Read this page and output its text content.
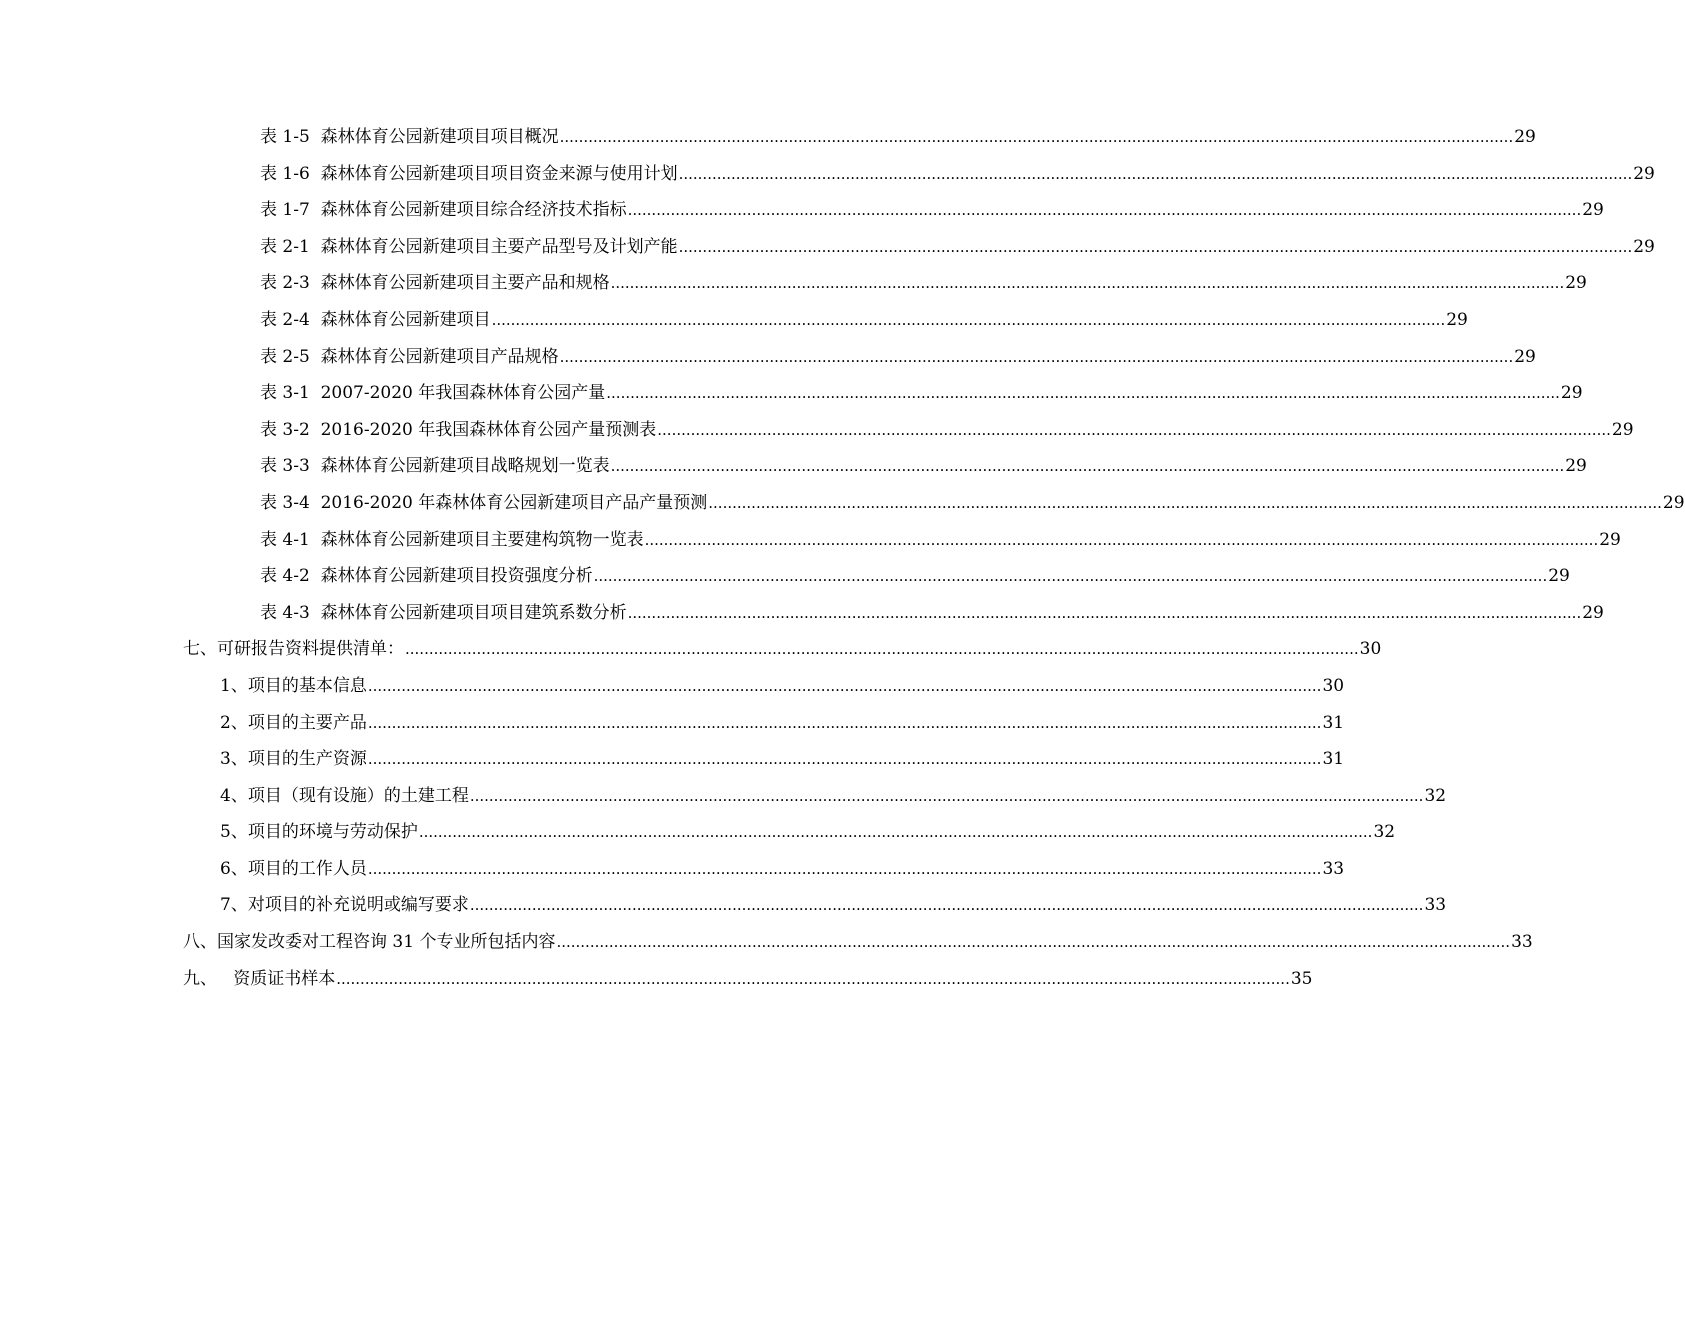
表 1-5  森林体育公园新建项目项目概况 ........................................................................................................................................................................................................ 29
表 1-6  森林体育公园新建项目项目资金来源与使用计划 ........................................................................................................................................................................................................ 29
表 1-7  森林体育公园新建项目综合经济技术指标 ........................................................................................................................................................................................................ 29
表 2-1  森林体育公园新建项目主要产品型号及计划产能 ........................................................................................................................................................................................................ 29
表 2-3  森林体育公园新建项目主要产品和规格 ........................................................................................................................................................................................................ 29
表 2-4  森林体育公园新建项目 ........................................................................................................................................................................................................ 29
表 2-5  森林体育公园新建项目产品规格 ........................................................................................................................................................................................................ 29
表 3-1  2007-2020 年我国森林体育公园产量 ........................................................................................................................................................................................................ 29
表 3-2  2016-2020 年我国森林体育公园产量预测表 ........................................................................................................................................................................................................ 29
表 3-3  森林体育公园新建项目战略规划一览表 ........................................................................................................................................................................................................ 29
表 3-4  2016-2020 年森林体育公园新建项目产品产量预测 ........................................................................................................................................................................................................ 29
表 4-1  森林体育公园新建项目主要建构筑物一览表 ........................................................................................................................................................................................................ 29
表 4-2  森林体育公园新建项目投资强度分析 ........................................................................................................................................................................................................ 29
表 4-3  森林体育公园新建项目项目建筑系数分析 ........................................................................................................................................................................................................ 29
七、可研报告资料提供清单： ........................................................................................................................................................................................................ 30
1、项目的基本信息 ........................................................................................................................................................................................................ 30
2、项目的主要产品 ........................................................................................................................................................................................................ 31
3、项目的生产资源 ........................................................................................................................................................................................................ 31
4、项目（现有设施）的土建工程 ........................................................................................................................................................................................................ 32
5、项目的环境与劳动保护 ........................................................................................................................................................................................................ 32
6、项目的工作人员 ........................................................................................................................................................................................................ 33
7、对项目的补充说明或编写要求 ........................................................................................................................................................................................................ 33
八、国家发改委对工程咨询 31 个专业所包括内容 ........................................................................................................................................................................................................ 33
九、   资质证书样本 ........................................................................................................................................................................................................ 35
